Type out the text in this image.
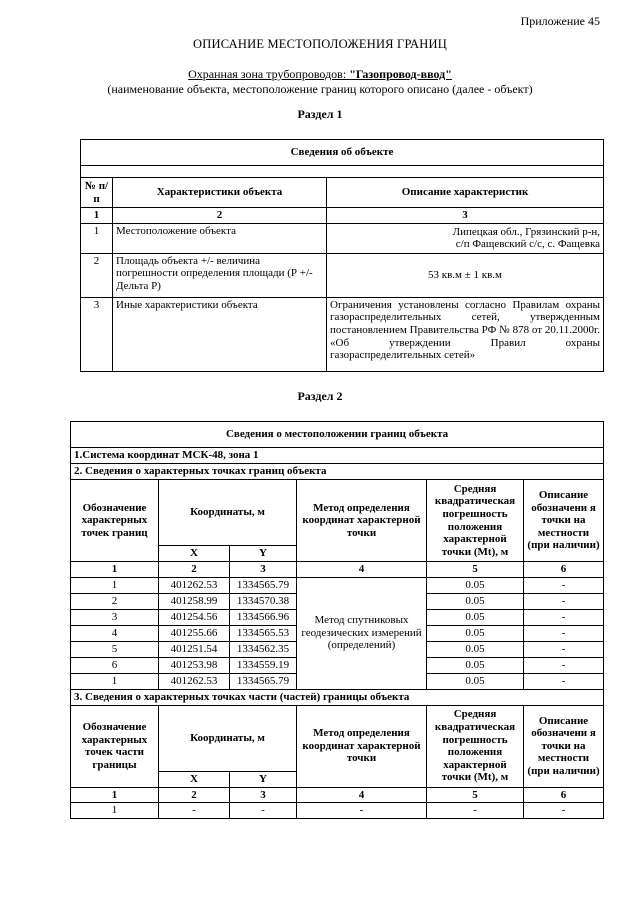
Приложение 45
ОПИСАНИЕ МЕСТОПОЛОЖЕНИЯ ГРАНИЦ
Охранная зона трубопроводов: "Газопровод-ввод"
(наименование объекта, местоположение границ которого описано (далее - объект)
Раздел 1
Сведения об объекте		

№ п/п	Характеристики объекта	Описание характеристик
1	2	3
1	Местоположение объекта	Липецкая обл., Грязинский р-н,
с/п Фащевский с/с, с. Фащевка

2	Площадь объекта +/- величина погрешности определения площади (Р +/- Дельта Р)	53 кв.м ± 1 кв.м
3	Иные характеристики объекта	Ограничения установлены согласно Правилам охраны газораспределительных сетей, утвержденным постановлением Правительства РФ № 878 от 20.11.2000г. «Об утверждении Правил охраны газораспределительных сетей»
Раздел 2
Сведения о местоположении границ объекта					
1.Система координат МСК-48, зона 1					
2. Сведения о характерных точках границ объекта					
Обозначение характерных точек границ	Координаты, м		Метод определения координат характерной точки	Средняя квадратическая погрешность положения характерной точки (Mt), м	Описание обозначени я точки на местности (при наличии)
	X	Y			
1	2	3	4	5	6
1	401262.53	1334565.79	Метод спутниковых геодезических измерений (определений)	0.05	-
2	401258.99	1334570.38		0.05	-
3	401254.56	1334566.96		0.05	-
4	401255.66	1334565.53		0.05	-
5	401251.54	1334562.35		0.05	-
6	401253.98	1334559.19		0.05	-
1	401262.53	1334565.79		0.05	-
3. Сведения о характерных точках части (частей) границы объекта					
Обозначение характерных точек части границы	Координаты, м		Метод определения координат характерной точки	Средняя квадратическая погрешность положения характерной точки (Mt), м	Описание обозначени я точки на местности (при наличии)
	X	Y			
1	2	3	4	5	6
1	-	-	-	-	-
